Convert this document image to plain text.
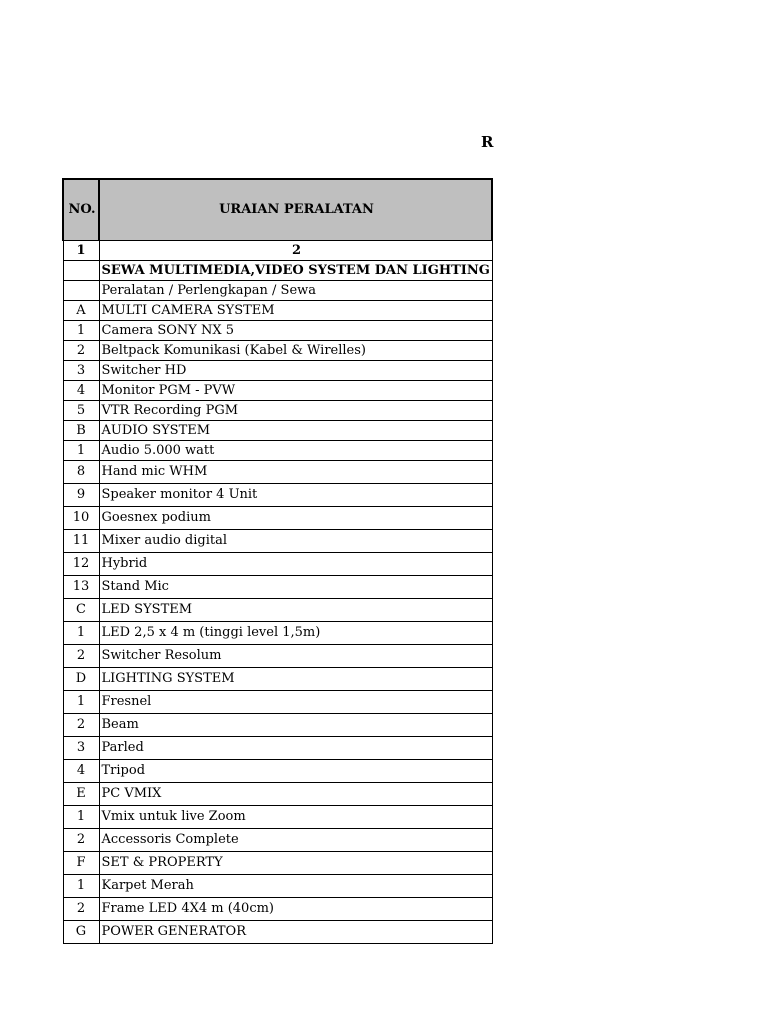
R
NO.	URAIAN PERALATAN
1	2
	SEWA MULTIMEDIA,VIDEO SYSTEM DAN LIGHTING
	Peralatan / Perlengkapan / Sewa
A	MULTI CAMERA SYSTEM
1	Camera SONY NX 5
2	Beltpack Komunikasi (Kabel & Wirelles)
3	Switcher HD
4	Monitor PGM - PVW
5	VTR Recording PGM
B	AUDIO SYSTEM
1	Audio 5.000 watt
8	Hand mic WHM
9	Speaker monitor 4 Unit
10	Goesnex podium
11	Mixer audio digital
12	Hybrid
13	Stand Mic
C	LED SYSTEM
1	LED 2,5 x 4 m (tinggi level 1,5m)
2	Switcher Resolum
D	LIGHTING SYSTEM
1	Fresnel
2	Beam
3	Parled
4	Tripod
E	PC VMIX
1	Vmix untuk live Zoom
2	Accessoris Complete
F	SET & PROPERTY
1	Karpet Merah
2	Frame LED 4X4 m (40cm)
G	POWER GENERATOR
